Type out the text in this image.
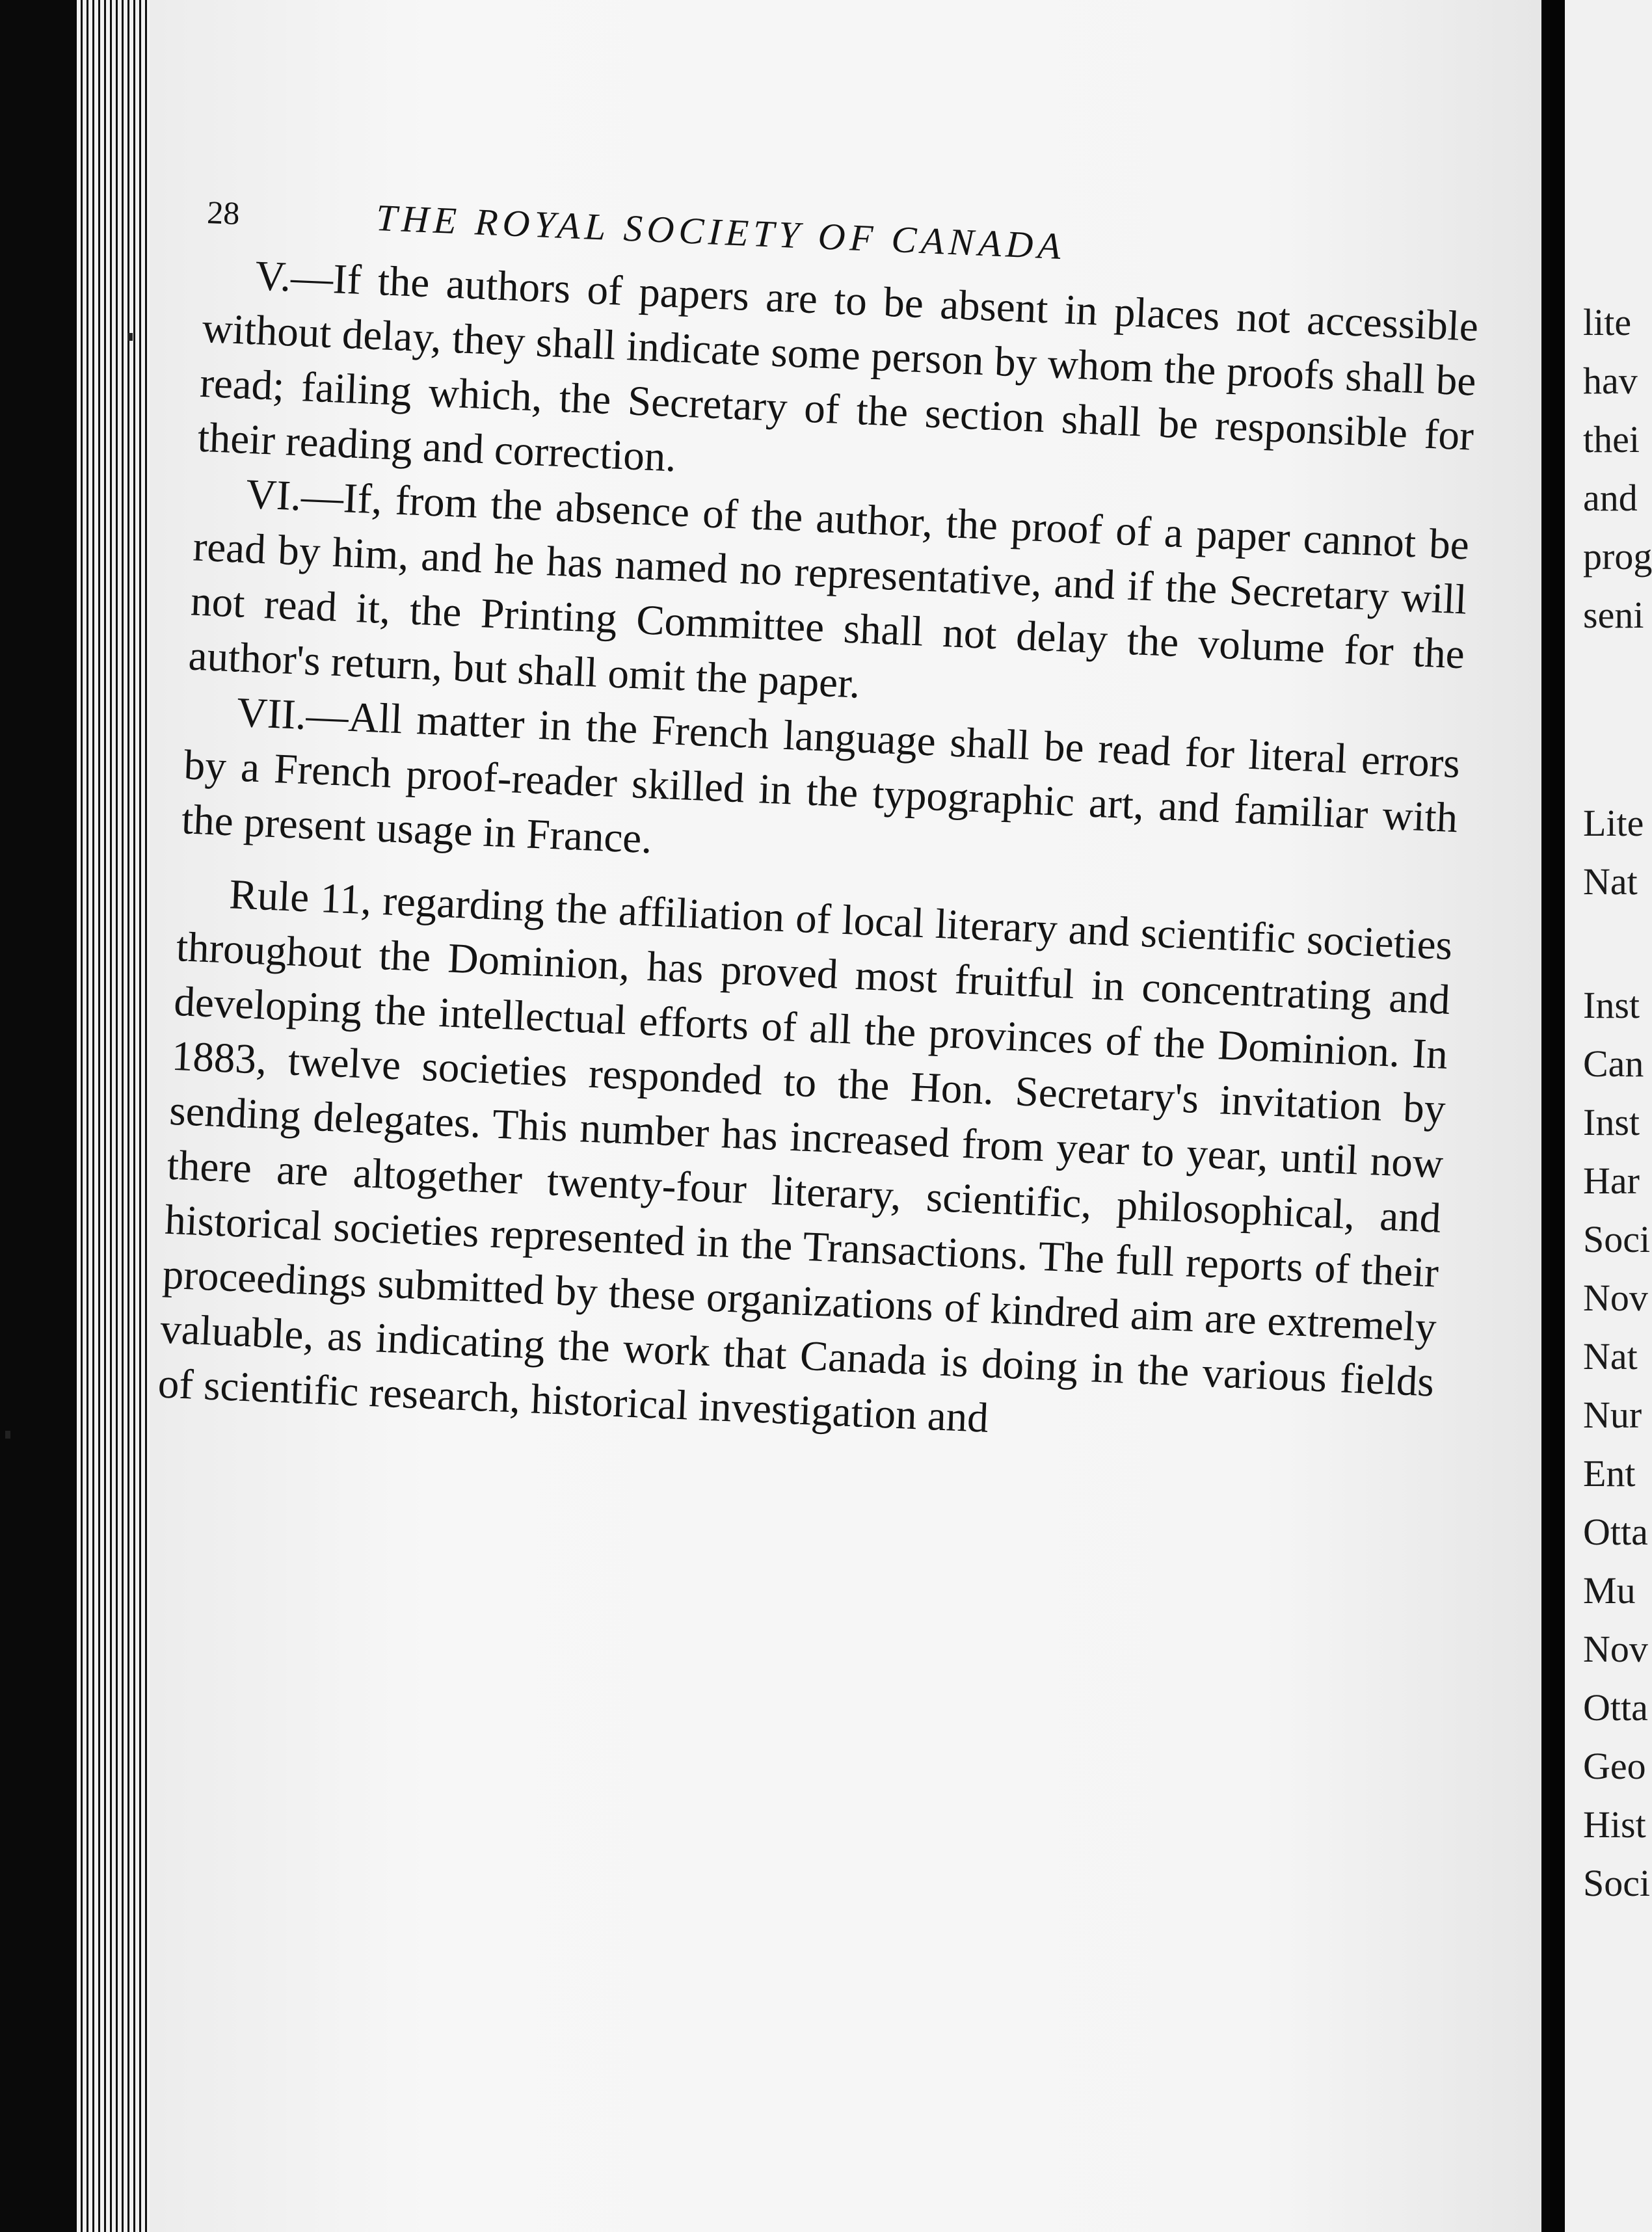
28	THE ROYAL SOCIETY OF CANADA

V.—If the authors of papers are to be absent in places not accessible without delay, they shall indicate some person by whom the proofs shall be read; failing which, the Secretary of the section shall be responsible for their reading and correction.

VI.—If, from the absence of the author, the proof of a paper cannot be read by him, and he has named no representative, and if the Secretary will not read it, the Printing Committee shall not delay the volume for the author's return, but shall omit the paper.

VII.—All matter in the French language shall be read for literal errors by a French proof-reader skilled in the typographic art, and familiar with the present usage in France.

Rule 11, regarding the affiliation of local literary and scientific societies throughout the Dominion, has proved most fruitful in concentrating and developing the intellectual efforts of all the provinces of the Dominion. In 1883, twelve societies responded to the Hon. Secretary's invitation by sending delegates. This number has increased from year to year, until now there are altogether twenty-four literary, scientific, philosophical, and historical societies represented in the Transactions. The full reports of their proceedings submitted by these organizations of kindred aim are extremely valuable, as indicating the work that Canada is doing in the various fields of scientific research, historical investigation and

lite
hav
thei
and
prog
seni
Lite
Nat
Inst
Can
Inst
Har
Soci
Nov
Nat
Nur
Ent
Otta
Mu
Nov
Otta
Geo
Hist
Soci
